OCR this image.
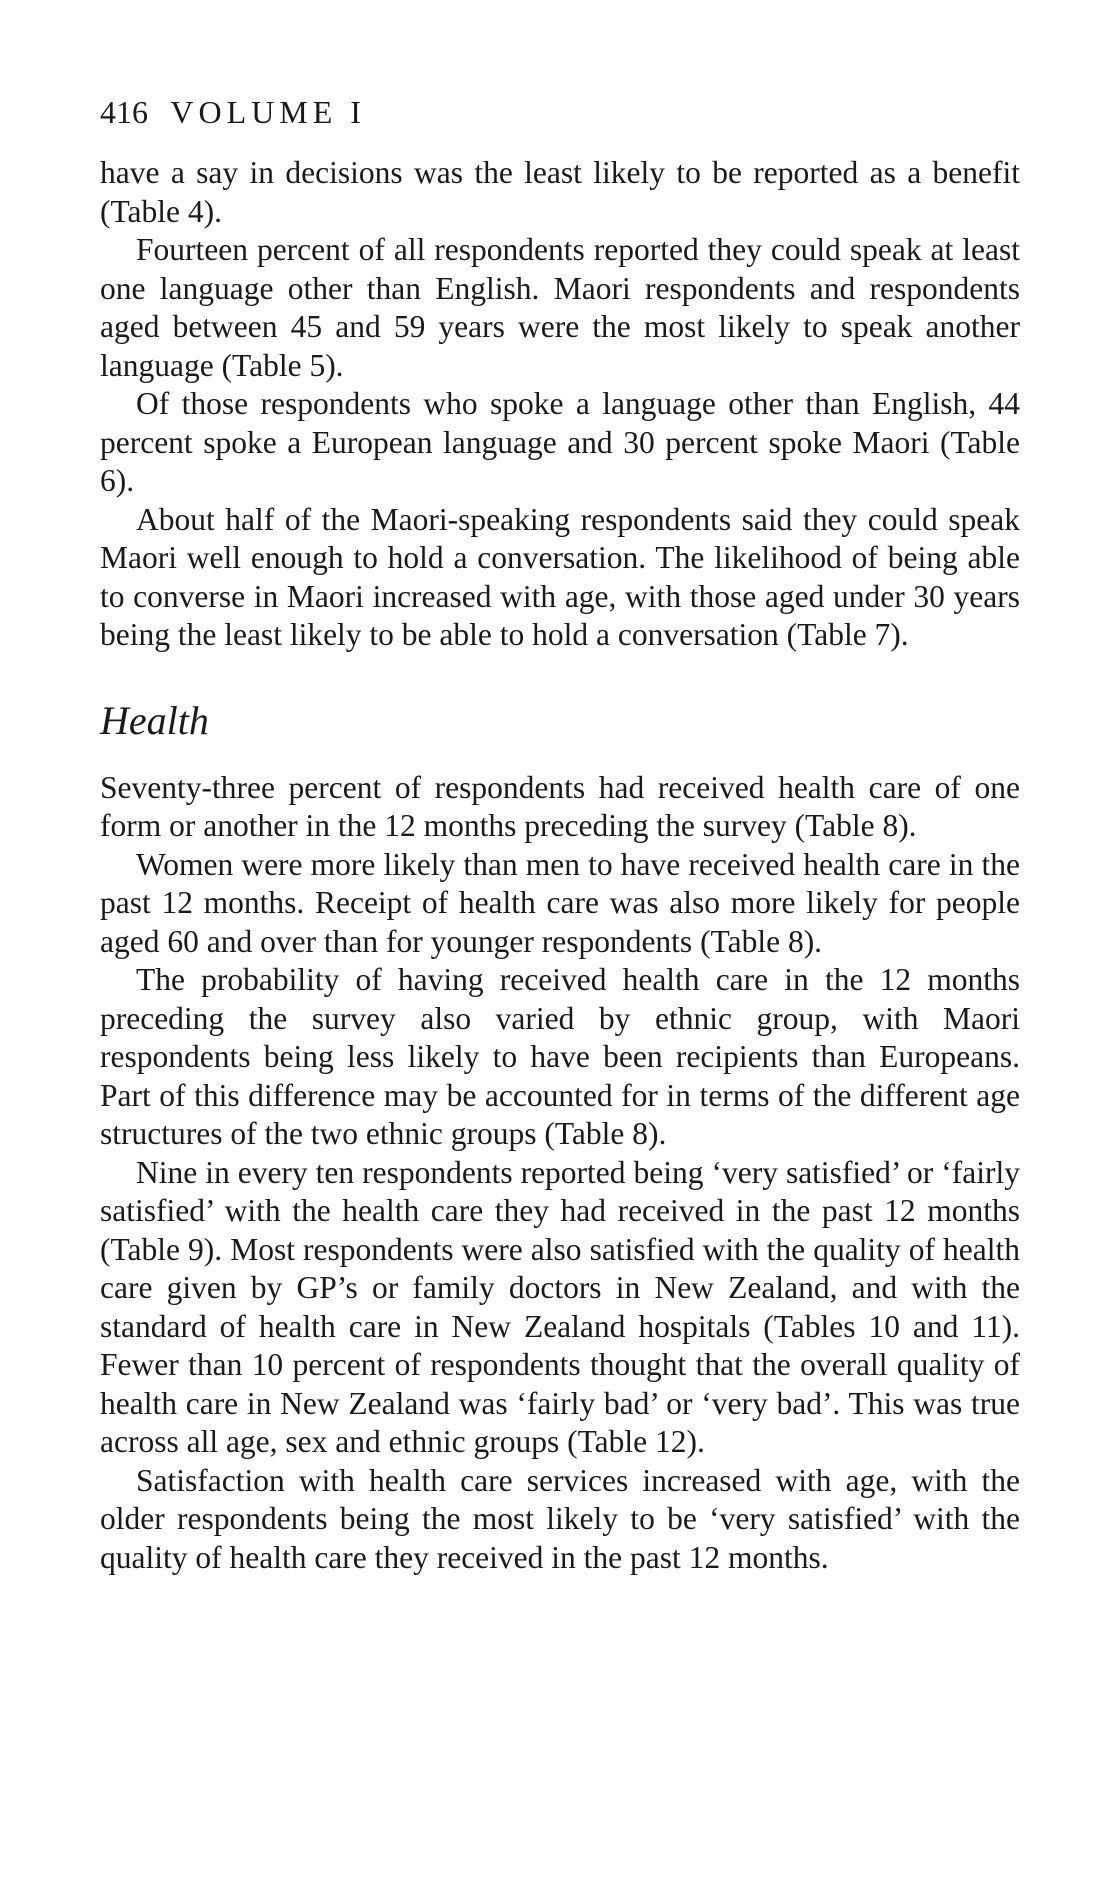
416 VOLUME I

have a say in decisions was the least likely to be reported as a benefit (Table 4).

Fourteen percent of all respondents reported they could speak at least one language other than English. Maori respondents and respondents aged between 45 and 59 years were the most likely to speak another language (Table 5).

Of those respondents who spoke a language other than English, 44 percent spoke a European language and 30 percent spoke Maori (Table 6).

About half of the Maori-speaking respondents said they could speak Maori well enough to hold a conversation. The likelihood of being able to converse in Maori increased with age, with those aged under 30 years being the least likely to be able to hold a conversation (Table 7).

Health

Seventy-three percent of respondents had received health care of one form or another in the 12 months preceding the survey (Table 8).

Women were more likely than men to have received health care in the past 12 months. Receipt of health care was also more likely for people aged 60 and over than for younger respondents (Table 8).

The probability of having received health care in the 12 months preceding the survey also varied by ethnic group, with Maori respondents being less likely to have been recipients than Europeans. Part of this difference may be accounted for in terms of the different age structures of the two ethnic groups (Table 8).

Nine in every ten respondents reported being ‘very satisfied’ or ‘fairly satisfied’ with the health care they had received in the past 12 months (Table 9). Most respondents were also satisfied with the quality of health care given by GP’s or family doctors in New Zealand, and with the standard of health care in New Zealand hospitals (Tables 10 and 11). Fewer than 10 percent of respondents thought that the overall quality of health care in New Zealand was ‘fairly bad’ or ‘very bad’. This was true across all age, sex and ethnic groups (Table 12).

Satisfaction with health care services increased with age, with the older respondents being the most likely to be ‘very satisfied’ with the quality of health care they received in the past 12 months.
